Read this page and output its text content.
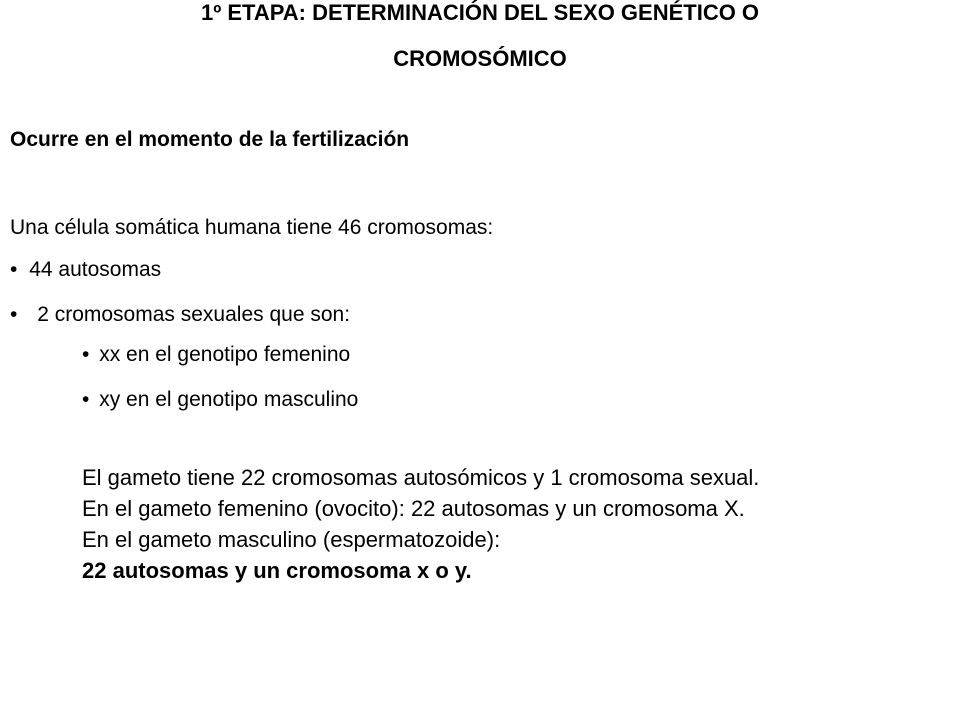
1º ETAPA: DETERMINACIÓN DEL SEXO GENÉTICO O
CROMOSÓMICO

Ocurre en el momento de la fertilización

Una célula somática humana tiene 46 cromosomas:

• 44 autosomas

• 2 cromosomas sexuales que son:

• xx en el genotipo femenino

• xy en el genotipo masculino

El gameto tiene 22 cromosomas autosómicos y 1 cromosoma sexual.

En el gameto femenino (ovocito): 22 autosomas y un cromosoma X.

En el gameto masculino (espermatozoide):

22 autosomas y un cromosoma x o y.
